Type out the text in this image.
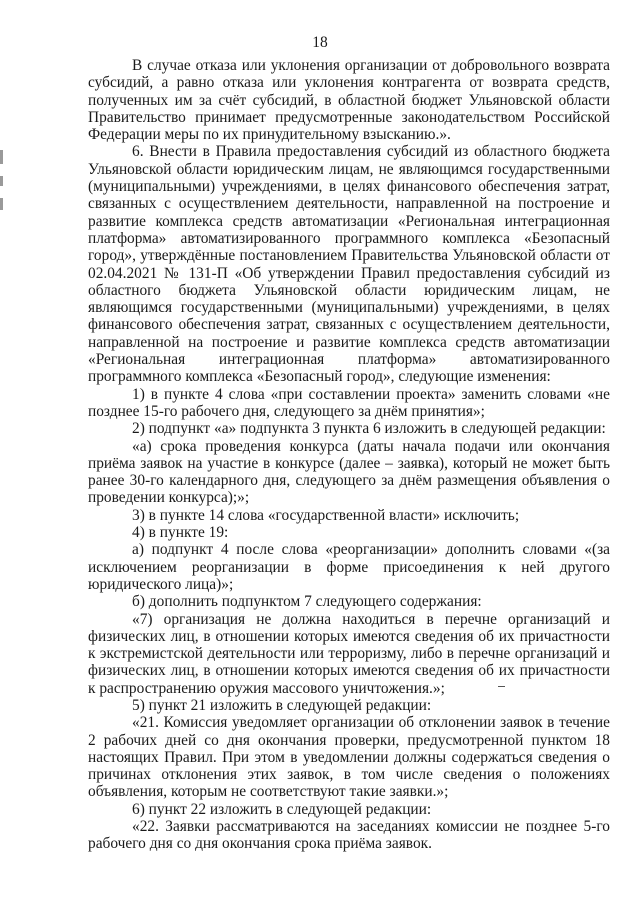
18

В случае отказа или уклонения организации от добровольного возврата субсидий, а равно отказа или уклонения контрагента от возврата средств, полученных им за счёт субсидий, в областной бюджет Ульяновской области Правительство принимает предусмотренные законодательством Российской Федерации меры по их принудительному взысканию.».

6. Внести в Правила предоставления субсидий из областного бюджета Ульяновской области юридическим лицам, не являющимся государственными (муниципальными) учреждениями, в целях финансового обеспечения затрат, связанных с осуществлением деятельности, направленной на построение и развитие комплекса средств автоматизации «Региональная интеграционная платформа» автоматизированного программного комплекса «Безопасный город», утверждённые постановлением Правительства Ульяновской области от 02.04.2021 № 131-П «Об утверждении Правил предоставления субсидий из областного бюджета Ульяновской области юридическим лицам, не являющимся государственными (муниципальными) учреждениями, в целях финансового обеспечения затрат, связанных с осуществлением деятельности, направленной на построение и развитие комплекса средств автоматизации «Региональная интеграционная платформа» автоматизированного программного комплекса «Безопасный город», следующие изменения:

1) в пункте 4 слова «при составлении проекта» заменить словами «не позднее 15-го рабочего дня, следующего за днём принятия»;

2) подпункт «а» подпункта 3 пункта 6 изложить в следующей редакции:

«а) срока проведения конкурса (даты начала подачи или окончания приёма заявок на участие в конкурсе (далее – заявка), который не может быть ранее 30-го календарного дня, следующего за днём размещения объявления о проведении конкурса);»;

3) в пункте 14 слова «государственной власти» исключить;

4) в пункте 19:

а) подпункт 4 после слова «реорганизации» дополнить словами «(за исключением реорганизации в форме присоединения к ней другого юридического лица)»;

б) дополнить подпунктом 7 следующего содержания:

«7) организация не должна находиться в перечне организаций и физических лиц, в отношении которых имеются сведения об их причастности к экстремистской деятельности или терроризму, либо в перечне организаций и физических лиц, в отношении которых имеются сведения об их причастности к распространению оружия массового уничтожения.»;

5) пункт 21 изложить в следующей редакции:

«21. Комиссия уведомляет организации об отклонении заявок в течение 2 рабочих дней со дня окончания проверки, предусмотренной пунктом 18 настоящих Правил. При этом в уведомлении должны содержаться сведения о причинах отклонения этих заявок, в том числе сведения о положениях объявления, которым не соответствуют такие заявки.»;

6) пункт 22 изложить в следующей редакции:

«22. Заявки рассматриваются на заседаниях комиссии не позднее 5-го рабочего дня со дня окончания срока приёма заявок.
